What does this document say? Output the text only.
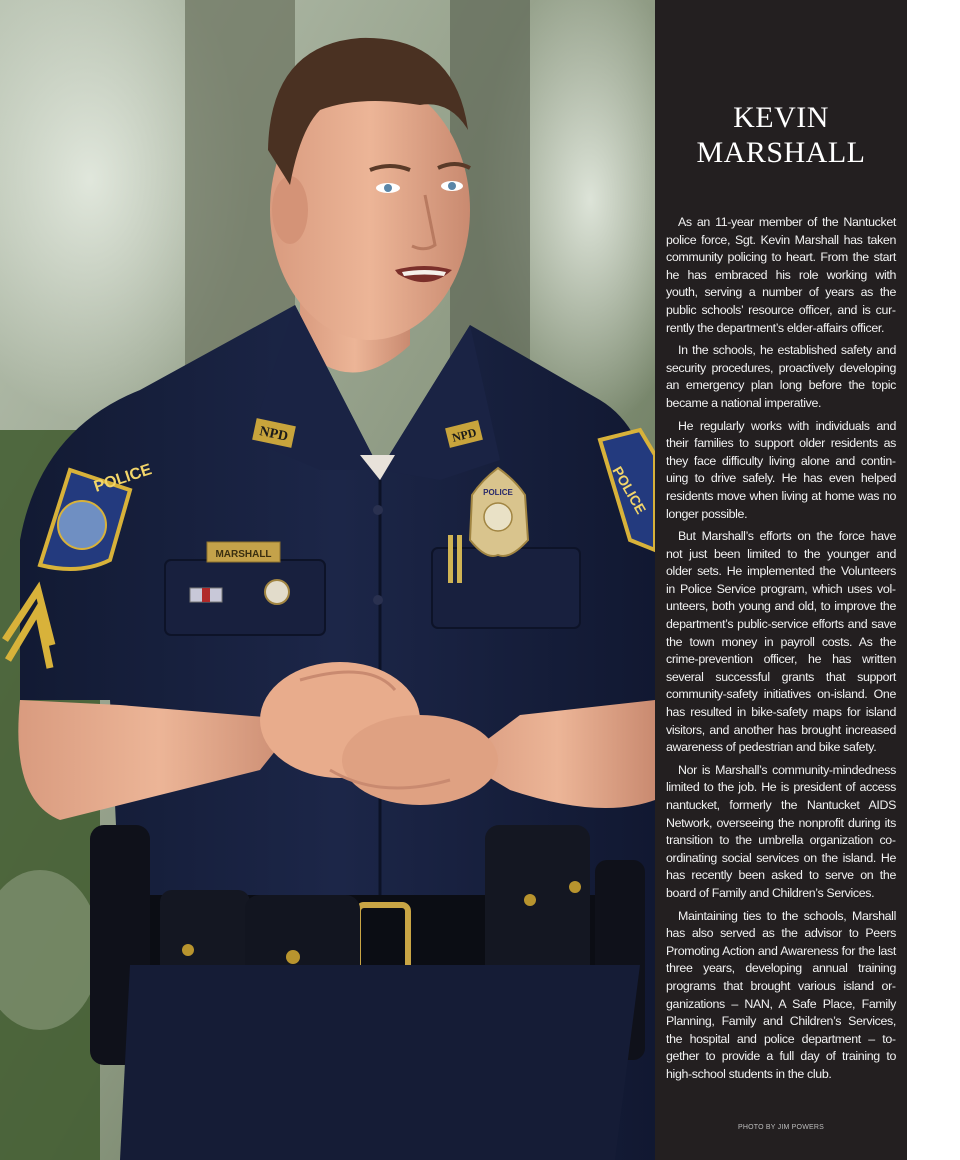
NPD	NPD
POLICE
MARSHALL
POLICE	POLICE
KEVIN
MARSHALL

As an 11-year member of the Nantucket police force, Sgt. Kevin Marshall has taken community policing to heart. From the start he has embraced his role working with youth, serving a number of years as the public schools’ resource officer, and is currently the department’s elder-affairs officer.

In the schools, he established safety and security procedures, proactively developing an emergency plan long before the topic became a national imperative.

He regularly works with individuals and their families to support older residents as they face difficulty living alone and continuing to drive safely. He has even helped residents move when living at home was no longer possible.

But Marshall’s efforts on the force have not just been limited to the younger and older sets. He implemented the Volunteers in Police Service program, which uses volunteers, both young and old, to improve the department’s public-service efforts and save the town money in payroll costs. As the crime-prevention officer, he has written several successful grants that support community-safety initiatives on-island. One has resulted in bike-safety maps for island visitors, and another has brought increased awareness of pedestrian and bike safety.

Nor is Marshall’s community-mindedness limited to the job. He is president of access nantucket, formerly the Nantucket AIDS Network, overseeing the nonprofit during its transition to the umbrella organization coordinating social services on the island. He has recently been asked to serve on the board of Family and Children’s Services.

Maintaining ties to the schools, Marshall has also served as the advisor to Peers Promoting Action and Awareness for the last three years, developing annual training programs that brought various island organizations – NAN, A Safe Place, Family Planning, Family and Children’s Services, the hospital and police department – together to provide a full day of training to high-school students in the club.

PHOTO BY JIM POWERS
